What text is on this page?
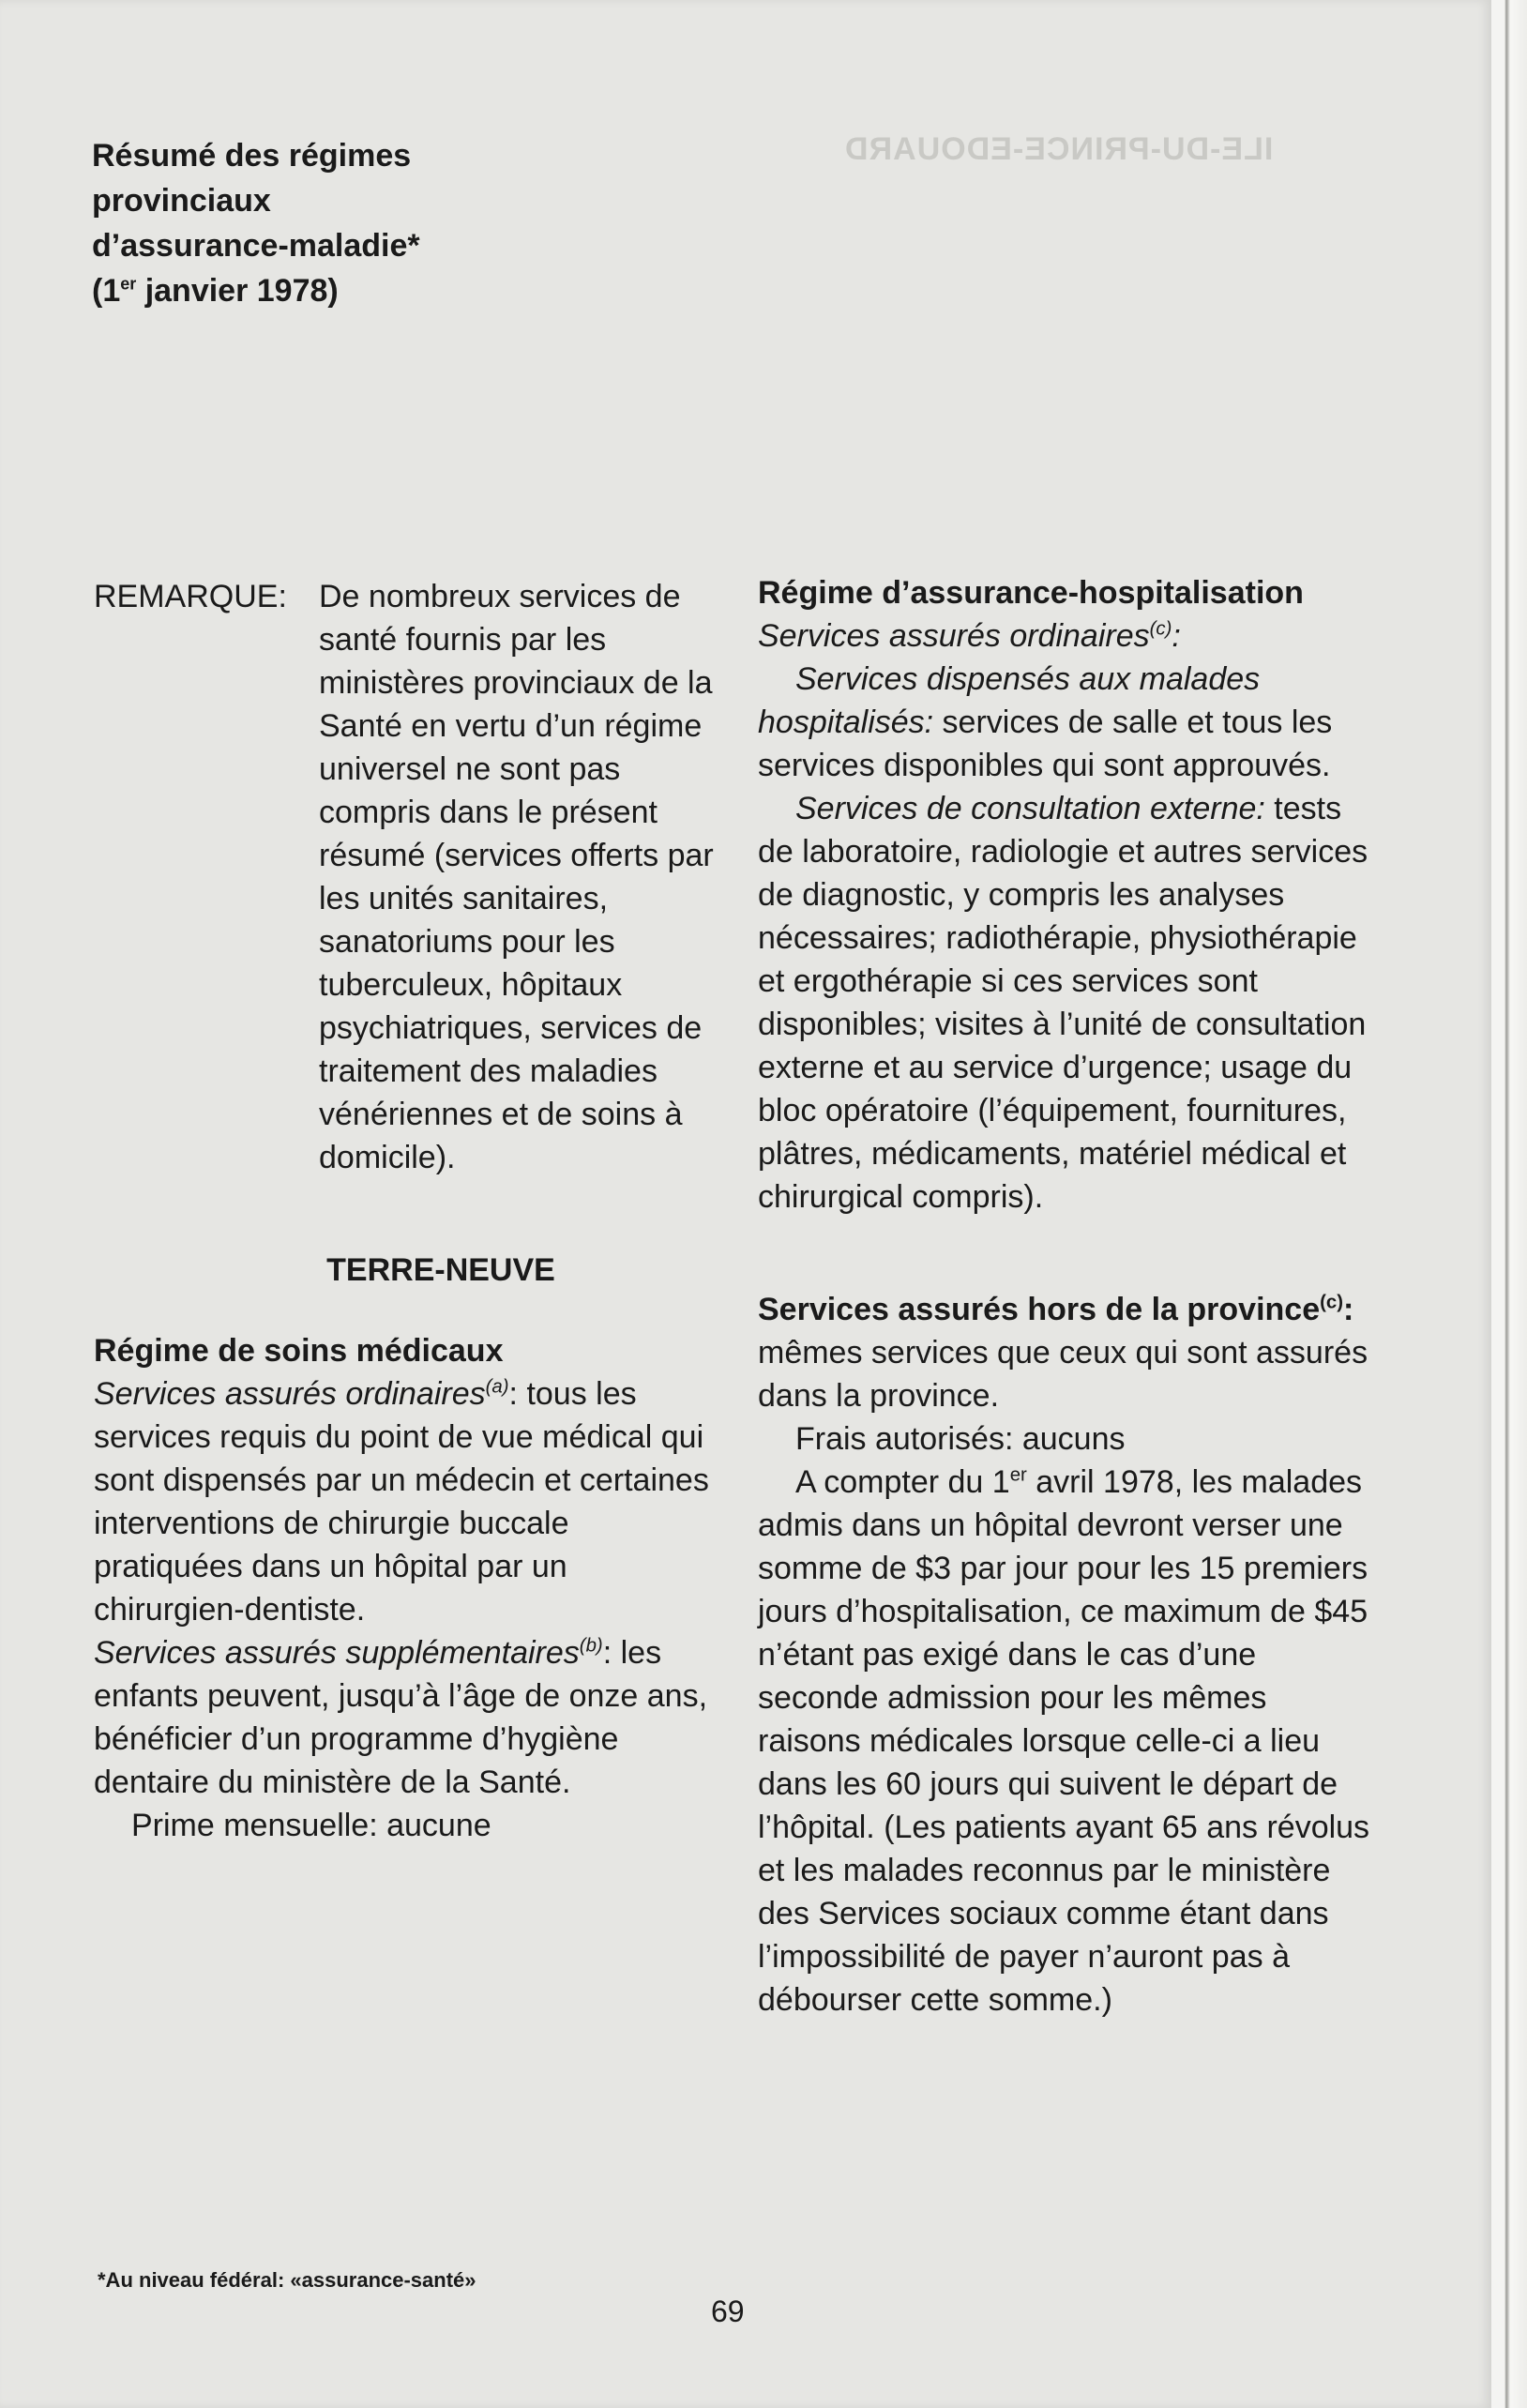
ILE-DU-PRINCE-EDOUARD
Résumé des régimes
provinciaux
d’assurance-maladie*
(1er janvier 1978)
REMARQUE:	De nombreux services de santé fournis par les ministères provinciaux de la Santé en vertu d’un régime universel ne sont pas compris dans le présent résumé (services offerts par les unités sanitaires, sanatoriums pour les tuberculeux, hôpitaux psychiatriques, services de traitement des maladies vénériennes et de soins à domicile).
TERRE-NEUVE

Régime de soins médicaux

Services assurés ordinaires$^{(a)}$: tous les services requis du point de vue médical qui sont dispensés par un médecin et certaines interventions de chirurgie buccale pratiquées dans un hôpital par un chirurgien-dentiste.

Services assurés supplémentaires$^{(b)}$: les enfants peuvent, jusqu’à l’âge de onze ans, bénéficier d’un programme d’hygiène dentaire du ministère de la Santé.

Prime mensuelle: aucune

Régime d’assurance-hospitalisation

Services assurés ordinaires$^{(c)}$:

Services dispensés aux malades hospitalisés: services de salle et tous les services disponibles qui sont approuvés.

Services de consultation externe: tests de laboratoire, radiologie et autres services de diagnostic, y compris les analyses nécessaires; radiothérapie, physiothérapie et ergothérapie si ces services sont disponibles; visites à l’unité de consultation externe et au service d’urgence; usage du bloc opératoire (l’équipement, fournitures, plâtres, médicaments, matériel médical et chirurgical compris).

Services assurés hors de la province$^{(c)}$:

mêmes services que ceux qui sont assurés dans la province.

Frais autorisés: aucuns

A compter du 1er avril 1978, les malades admis dans un hôpital devront verser une somme de $3 par jour pour les 15 premiers jours d’hospitalisation, ce maximum de $45 n’étant pas exigé dans le cas d’une seconde admission pour les mêmes raisons médicales lorsque celle-ci a lieu dans les 60 jours qui suivent le départ de l’hôpital. (Les patients ayant 65 ans révolus et les malades reconnus par le ministère des Services sociaux comme étant dans l’impossibilité de payer n’auront pas à débourser cette somme.)

*Au niveau fédéral: «assurance-santé»
69
